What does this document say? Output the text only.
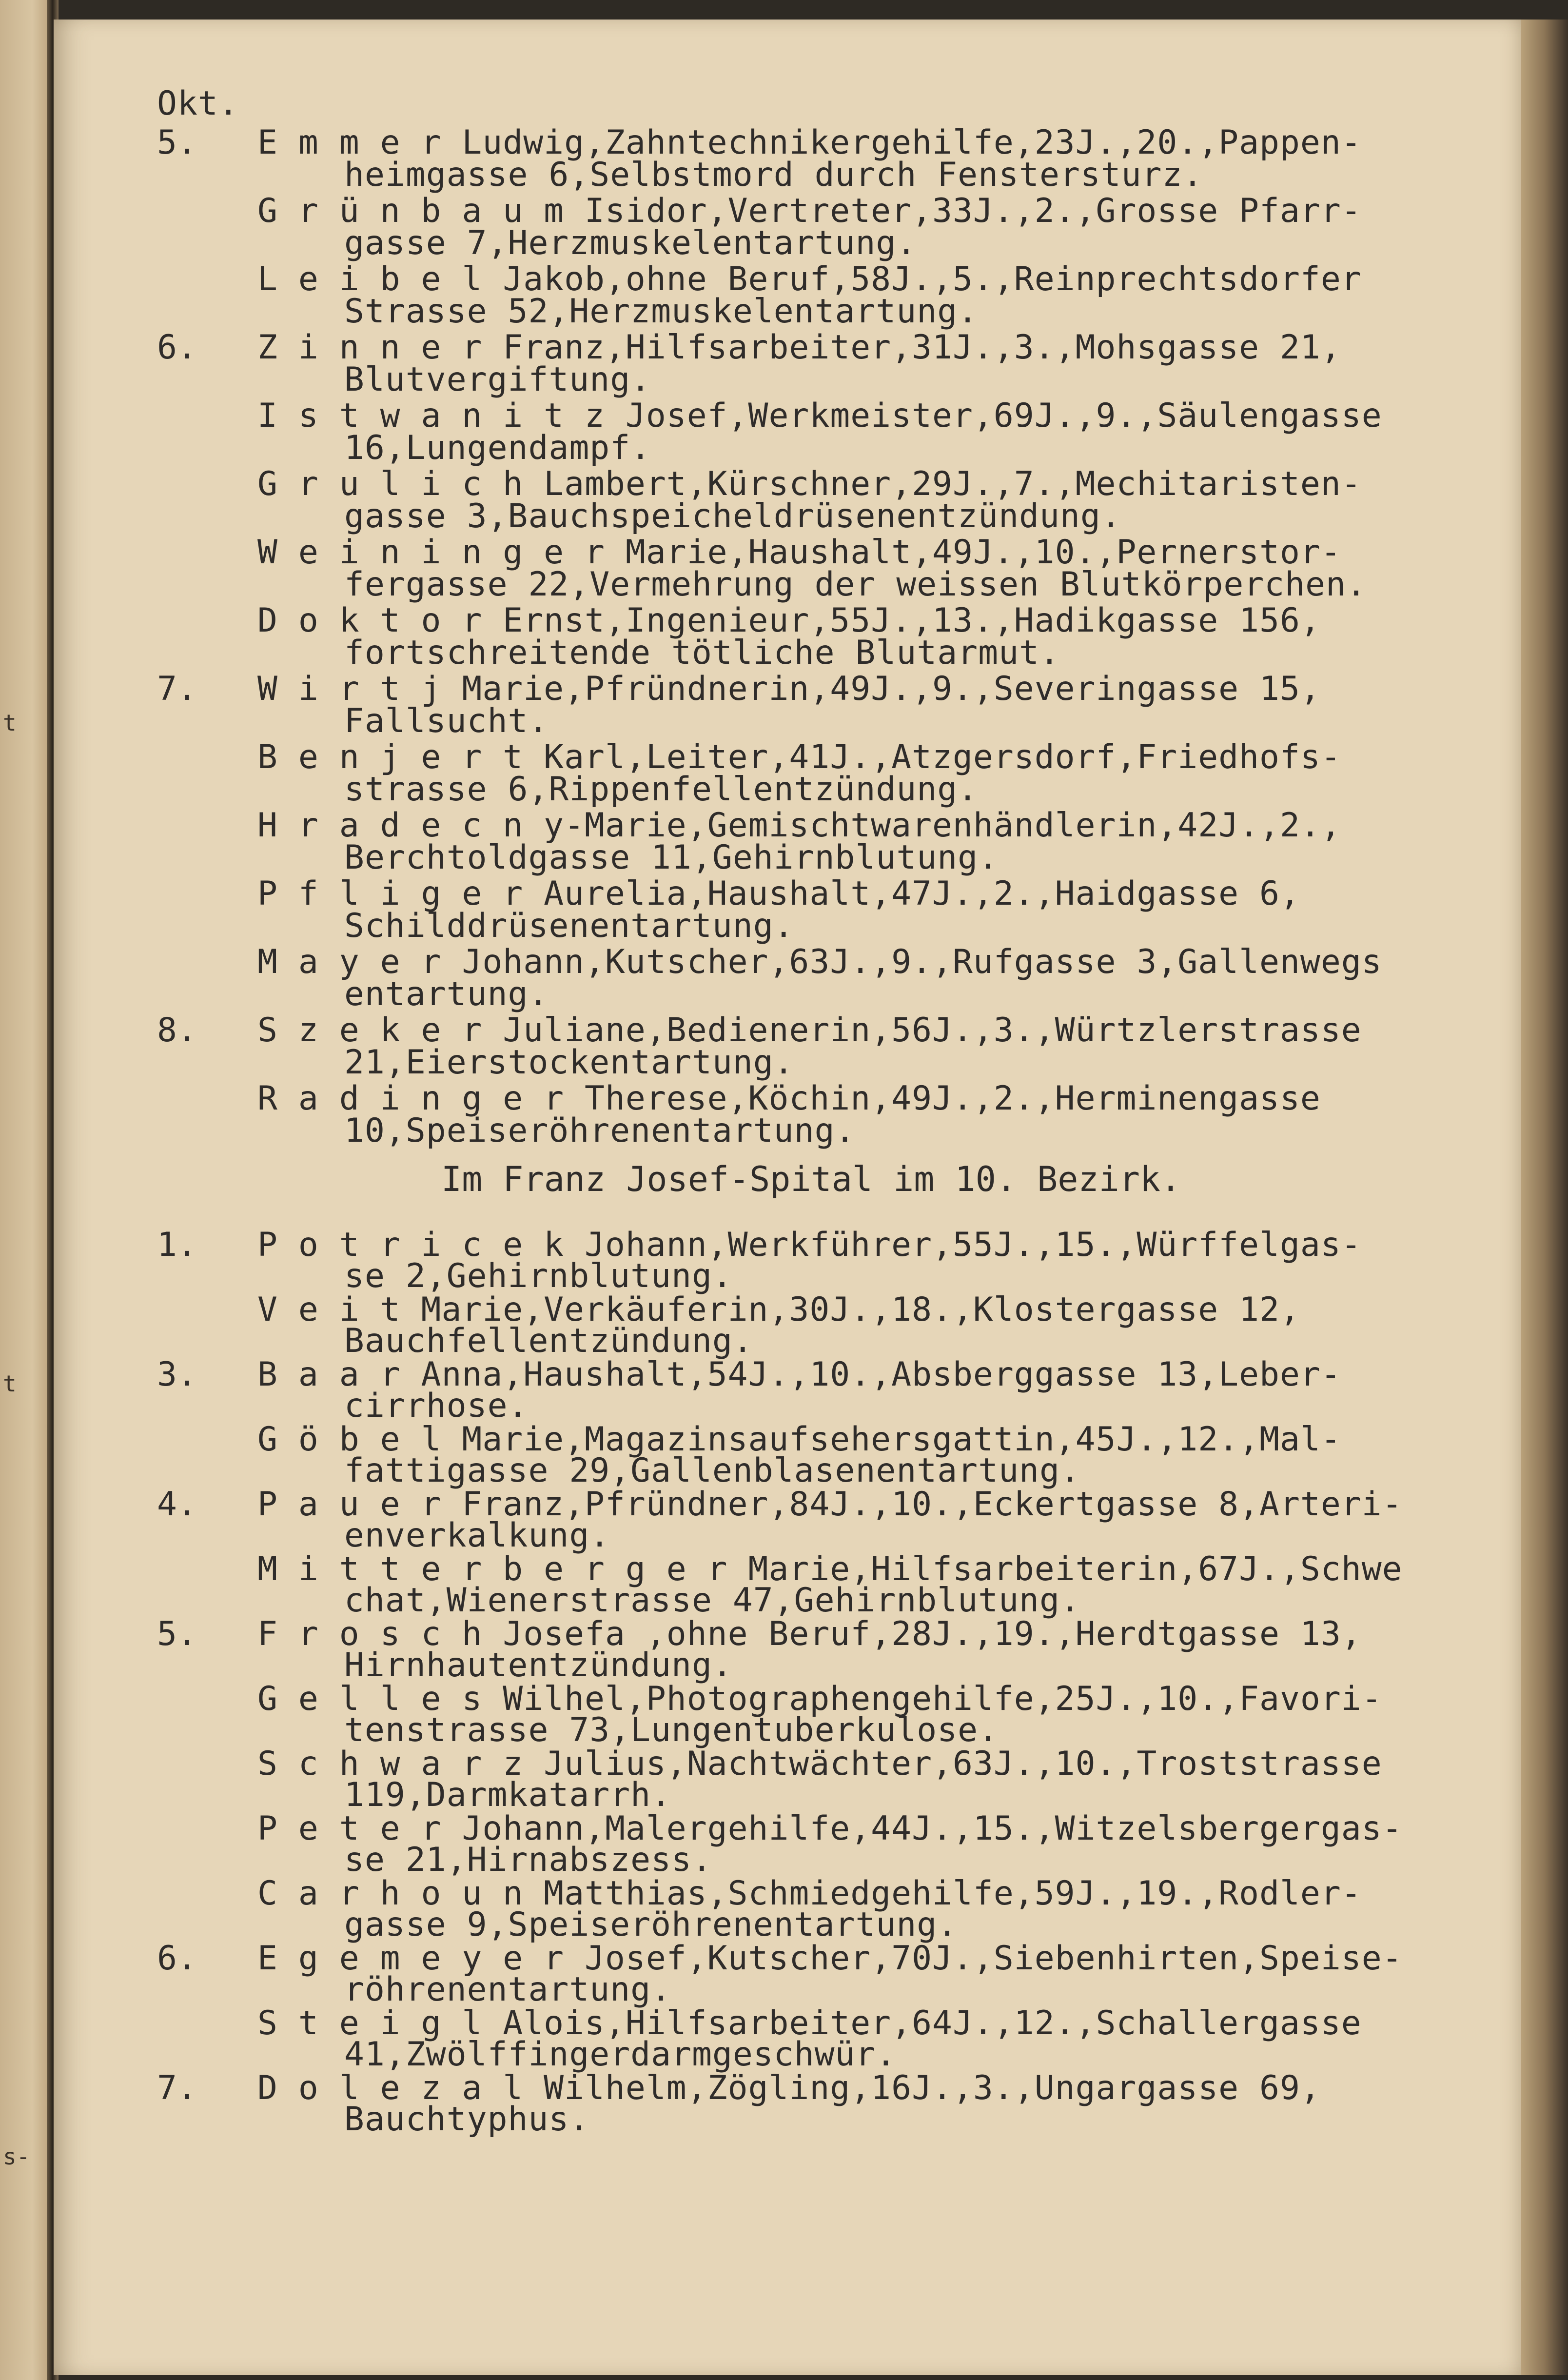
t
t
s-
Okt.
5. E m m e r Ludwig,Zahntechnikergehilfe,23J.,20.,Pappen-
heimgasse 6,Selbstmord durch Fenstersturz.
G r ü n b a u m Isidor,Vertreter,33J.,2.,Grosse Pfarr-
gasse 7,Herzmuskelentartung.
L e i b e l Jakob,ohne Beruf,58J.,5.,Reinprechtsdorfer
Strasse 52,Herzmuskelentartung.
6. Z i n n e r Franz,Hilfsarbeiter,31J.,3.,Mohsgasse 21,
Blutvergiftung.
I s t w a n i t z Josef,Werkmeister,69J.,9.,Säulengasse
16,Lungendampf.
G r u l i c h Lambert,Kürschner,29J.,7.,Mechitaristen-
gasse 3,Bauchspeicheldrüsenentzündung.
W e i n i n g e r Marie,Haushalt,49J.,10.,Pernerstor-
fergasse 22,Vermehrung der weissen Blutkörperchen.
D o k t o r Ernst,Ingenieur,55J.,13.,Hadikgasse 156,
fortschreitende tötliche Blutarmut.
7. W i r t j Marie,Pfründnerin,49J.,9.,Severingasse 15,
Fallsucht.
B e n j e r t Karl,Leiter,41J.,Atzgersdorf,Friedhofs-
strasse 6,Rippenfellentzündung.
H r a d e c n y-Marie,Gemischtwarenhändlerin,42J.,2.,
Berchtoldgasse 11,Gehirnblutung.
P f l i g e r Aurelia,Haushalt,47J.,2.,Haidgasse 6,
Schilddrüsenentartung.
M a y e r Johann,Kutscher,63J.,9.,Rufgasse 3,Gallenwegs
entartung.
8. S z e k e r Juliane,Bedienerin,56J.,3.,Würtzlerstrasse
21,Eierstockentartung.
R a d i n g e r Therese,Köchin,49J.,2.,Herminengasse
10,Speiseröhrenentartung.
Im Franz Josef-Spital im 10. Bezirk.
1. P o t r i c e k Johann,Werkführer,55J.,15.,Würffelgas-
se 2,Gehirnblutung.
V e i t Marie,Verkäuferin,30J.,18.,Klostergasse 12,
Bauchfellentzündung.
3. B a a r Anna,Haushalt,54J.,10.,Absberggasse 13,Leber-
cirrhose.
G ö b e l Marie,Magazinsaufsehersgattin,45J.,12.,Mal-
fattigasse 29,Gallenblasenentartung.
4. P a u e r Franz,Pfründner,84J.,10.,Eckertgasse 8,Arteri-
enverkalkung.
M i t t e r b e r g e r Marie,Hilfsarbeiterin,67J.,Schwe
chat,Wienerstrasse 47,Gehirnblutung.
5. F r o s c h Josefa ,ohne Beruf,28J.,19.,Herdtgasse 13,
Hirnhautentzündung.
G e l l e s Wilhel,Photographengehilfe,25J.,10.,Favori-
tenstrasse 73,Lungentuberkulose.
S c h w a r z Julius,Nachtwächter,63J.,10.,Troststrasse
119,Darmkatarrh.
P e t e r Johann,Malergehilfe,44J.,15.,Witzelsbergergas-
se 21,Hirnabszess.
C a r h o u n Matthias,Schmiedgehilfe,59J.,19.,Rodler-
gasse 9,Speiseröhrenentartung.
6. E g e m e y e r Josef,Kutscher,70J.,Siebenhirten,Speise-
röhrenentartung.
S t e i g l Alois,Hilfsarbeiter,64J.,12.,Schallergasse
41,Zwölffingerdarmgeschwür.
7. D o l e z a l Wilhelm,Zögling,16J.,3.,Ungargasse 69,
Bauchtyphus.
